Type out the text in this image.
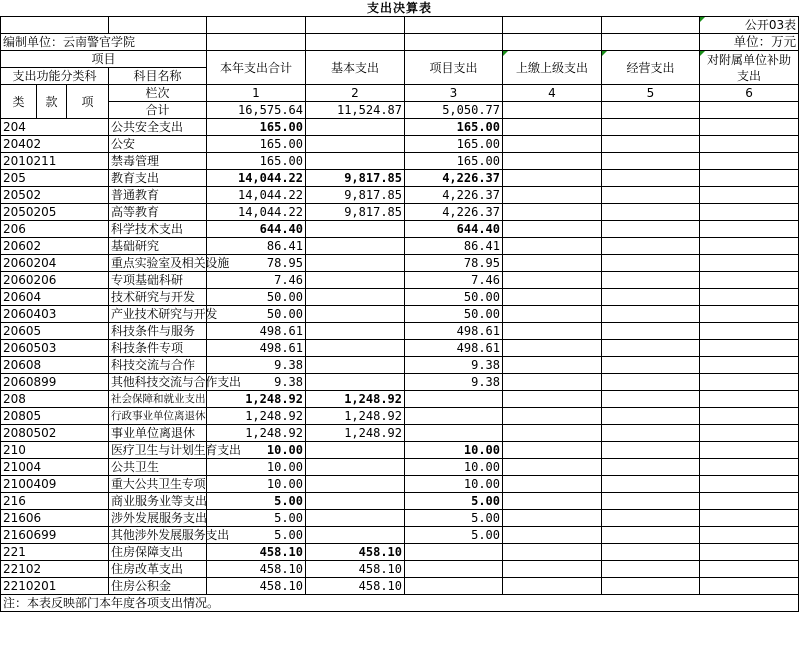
支出决算表									
									公开03表
编制单位：云南警官学院									单位：万元
项目				本年支出合计	基本支出	项目支出	上缴上级支出	经营支出	对附属单位补助支出
支出功能分类科			科目名称						
类	款	项	栏次	1	2	3	4	5	6
			合计	16,575.64	11,524.87	5,050.77			
204			公共安全支出	165.00		165.00			
20402			公安	165.00		165.00			
2010211			禁毒管理	165.00		165.00			
205			教育支出	14,044.22	9,817.85	4,226.37			
20502			普通教育	14,044.22	9,817.85	4,226.37			
2050205			高等教育	14,044.22	9,817.85	4,226.37			
206			科学技术支出	644.40		644.40			
20602			基础研究	86.41		86.41			
2060204			重点实验室及相关设施	78.95		78.95			
2060206			专项基础科研	7.46		7.46			
20604			技术研究与开发	50.00		50.00			
2060403			产业技术研究与开发	50.00		50.00			
20605			科技条件与服务	498.61		498.61			
2060503			科技条件专项	498.61		498.61			
20608			科技交流与合作	9.38		9.38			
2060899			其他科技交流与合作支出	9.38		9.38			
208			社会保障和就业支出	1,248.92	1,248.92				
20805			行政事业单位离退休	1,248.92	1,248.92				
2080502			事业单位离退休	1,248.92	1,248.92				
210			医疗卫生与计划生育支出	10.00		10.00			
21004			公共卫生	10.00		10.00			
2100409			重大公共卫生专项	10.00		10.00			
216			商业服务业等支出	5.00		5.00			
21606			涉外发展服务支出	5.00		5.00			
2160699			其他涉外发展服务支出	5.00		5.00			
221			住房保障支出	458.10	458.10				
22102			住房改革支出	458.10	458.10				
2210201			住房公积金	458.10	458.10				
注：本表反映部门本年度各项支出情况。									
